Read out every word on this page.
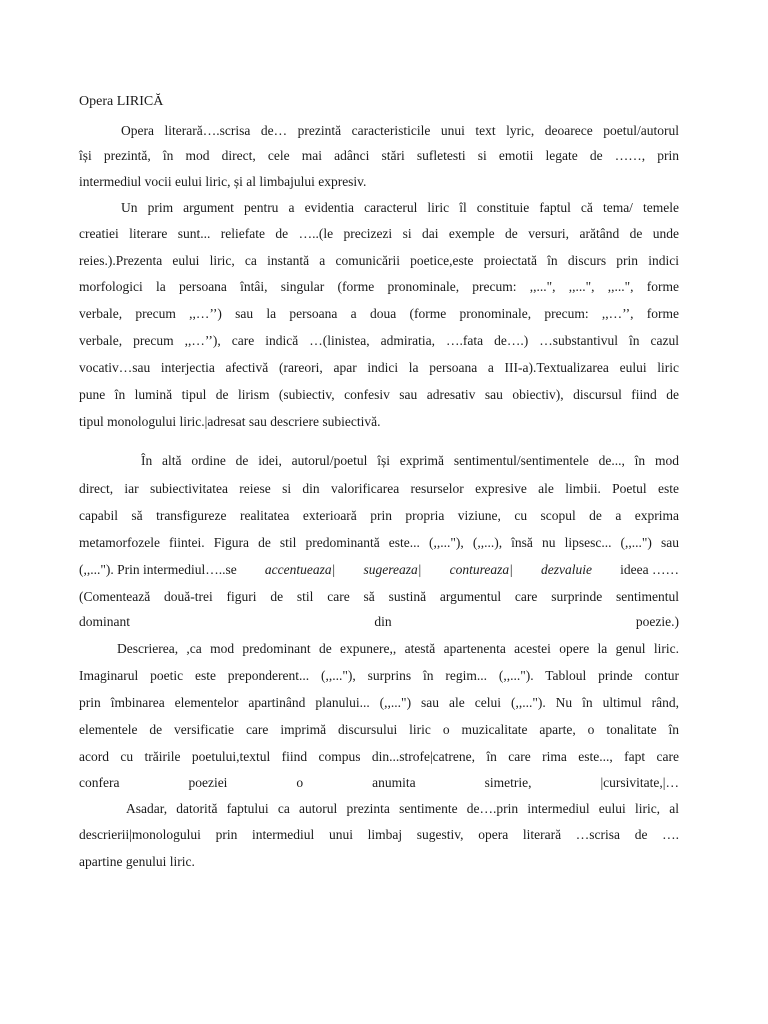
Opera LIRICĂ

Opera literară….scrisa de… prezintă caracteristicile unui text lyric, deoarece poetul/autorul

își prezintă, în mod direct, cele mai adânci stări sufletesti si emotii legate de ……, prin

intermediul vocii eului liric, și al limbajului expresiv.

Un prim argument pentru a evidentia caracterul liric îl constituie faptul că tema/ temele

creatiei literare sunt... reliefate de …..(le precizezi si dai exemple de versuri, arătând de unde

reies.).Prezenta eului liric, ca instantă a comunicării poetice,este proiectată în discurs prin indici

morfologici la persoana întâi, singular (forme pronominale, precum: ,,...", ,,...", ,,...", forme

verbale, precum ,,…’’) sau la persoana a doua (forme pronominale, precum: ,,…’’, forme

verbale, precum ,,…’’), care indică …(linistea, admiratia, ….fata de….) …substantivul în cazul

vocativ…sau interjectia afectivă (rareori, apar indici la persoana a III-a).Textualizarea eului liric

pune în lumină tipul de lirism (subiectiv, confesiv sau adresativ sau obiectiv), discursul fiind de

tipul monologului liric.|adresat sau descriere subiectivă.

În altă ordine de idei, autorul/poetul își exprimă sentimentul/sentimentele de..., în mod

direct, iar subiectivitatea reiese si din valorificarea resurselor expresive ale limbii. Poetul este

capabil să transfigureze realitatea exterioară prin propria viziune, cu scopul de a exprima

metamorfozele fiintei. Figura de stil predominantă este... (,,..."), (,,...), însă nu lipsesc... (,,...") sau

(,,..."). Prin intermediul…..se accentueaza| sugereaza| contureaza| dezvaluie ideea ……

(Comentează două-trei figuri de stil care să sustină argumentul care surprinde sentimentul

dominant din poezie.)

Descrierea, ,ca mod predominant de expunere,, atestă apartenenta acestei opere la genul liric.

Imaginarul poetic este preponderent... (,,..."), surprins în regim... (,,..."). Tabloul prinde contur

prin îmbinarea elementelor apartinând planului... (,,...") sau ale celui (,,..."). Nu în ultimul rând,

elementele de versificatie care imprimă discursului liric o muzicalitate aparte, o tonalitate în

acord cu trăirile poetului,textul fiind compus din...strofe|catrene, în care rima este..., fapt care

confera poeziei o anumita simetrie, |cursivitate,|…

Asadar, datorită faptului ca autorul prezinta sentimente de….prin intermediul eului liric, al

descrierii|monologului prin intermediul unui limbaj sugestiv, opera literară …scrisa de ….

apartine genului liric.
